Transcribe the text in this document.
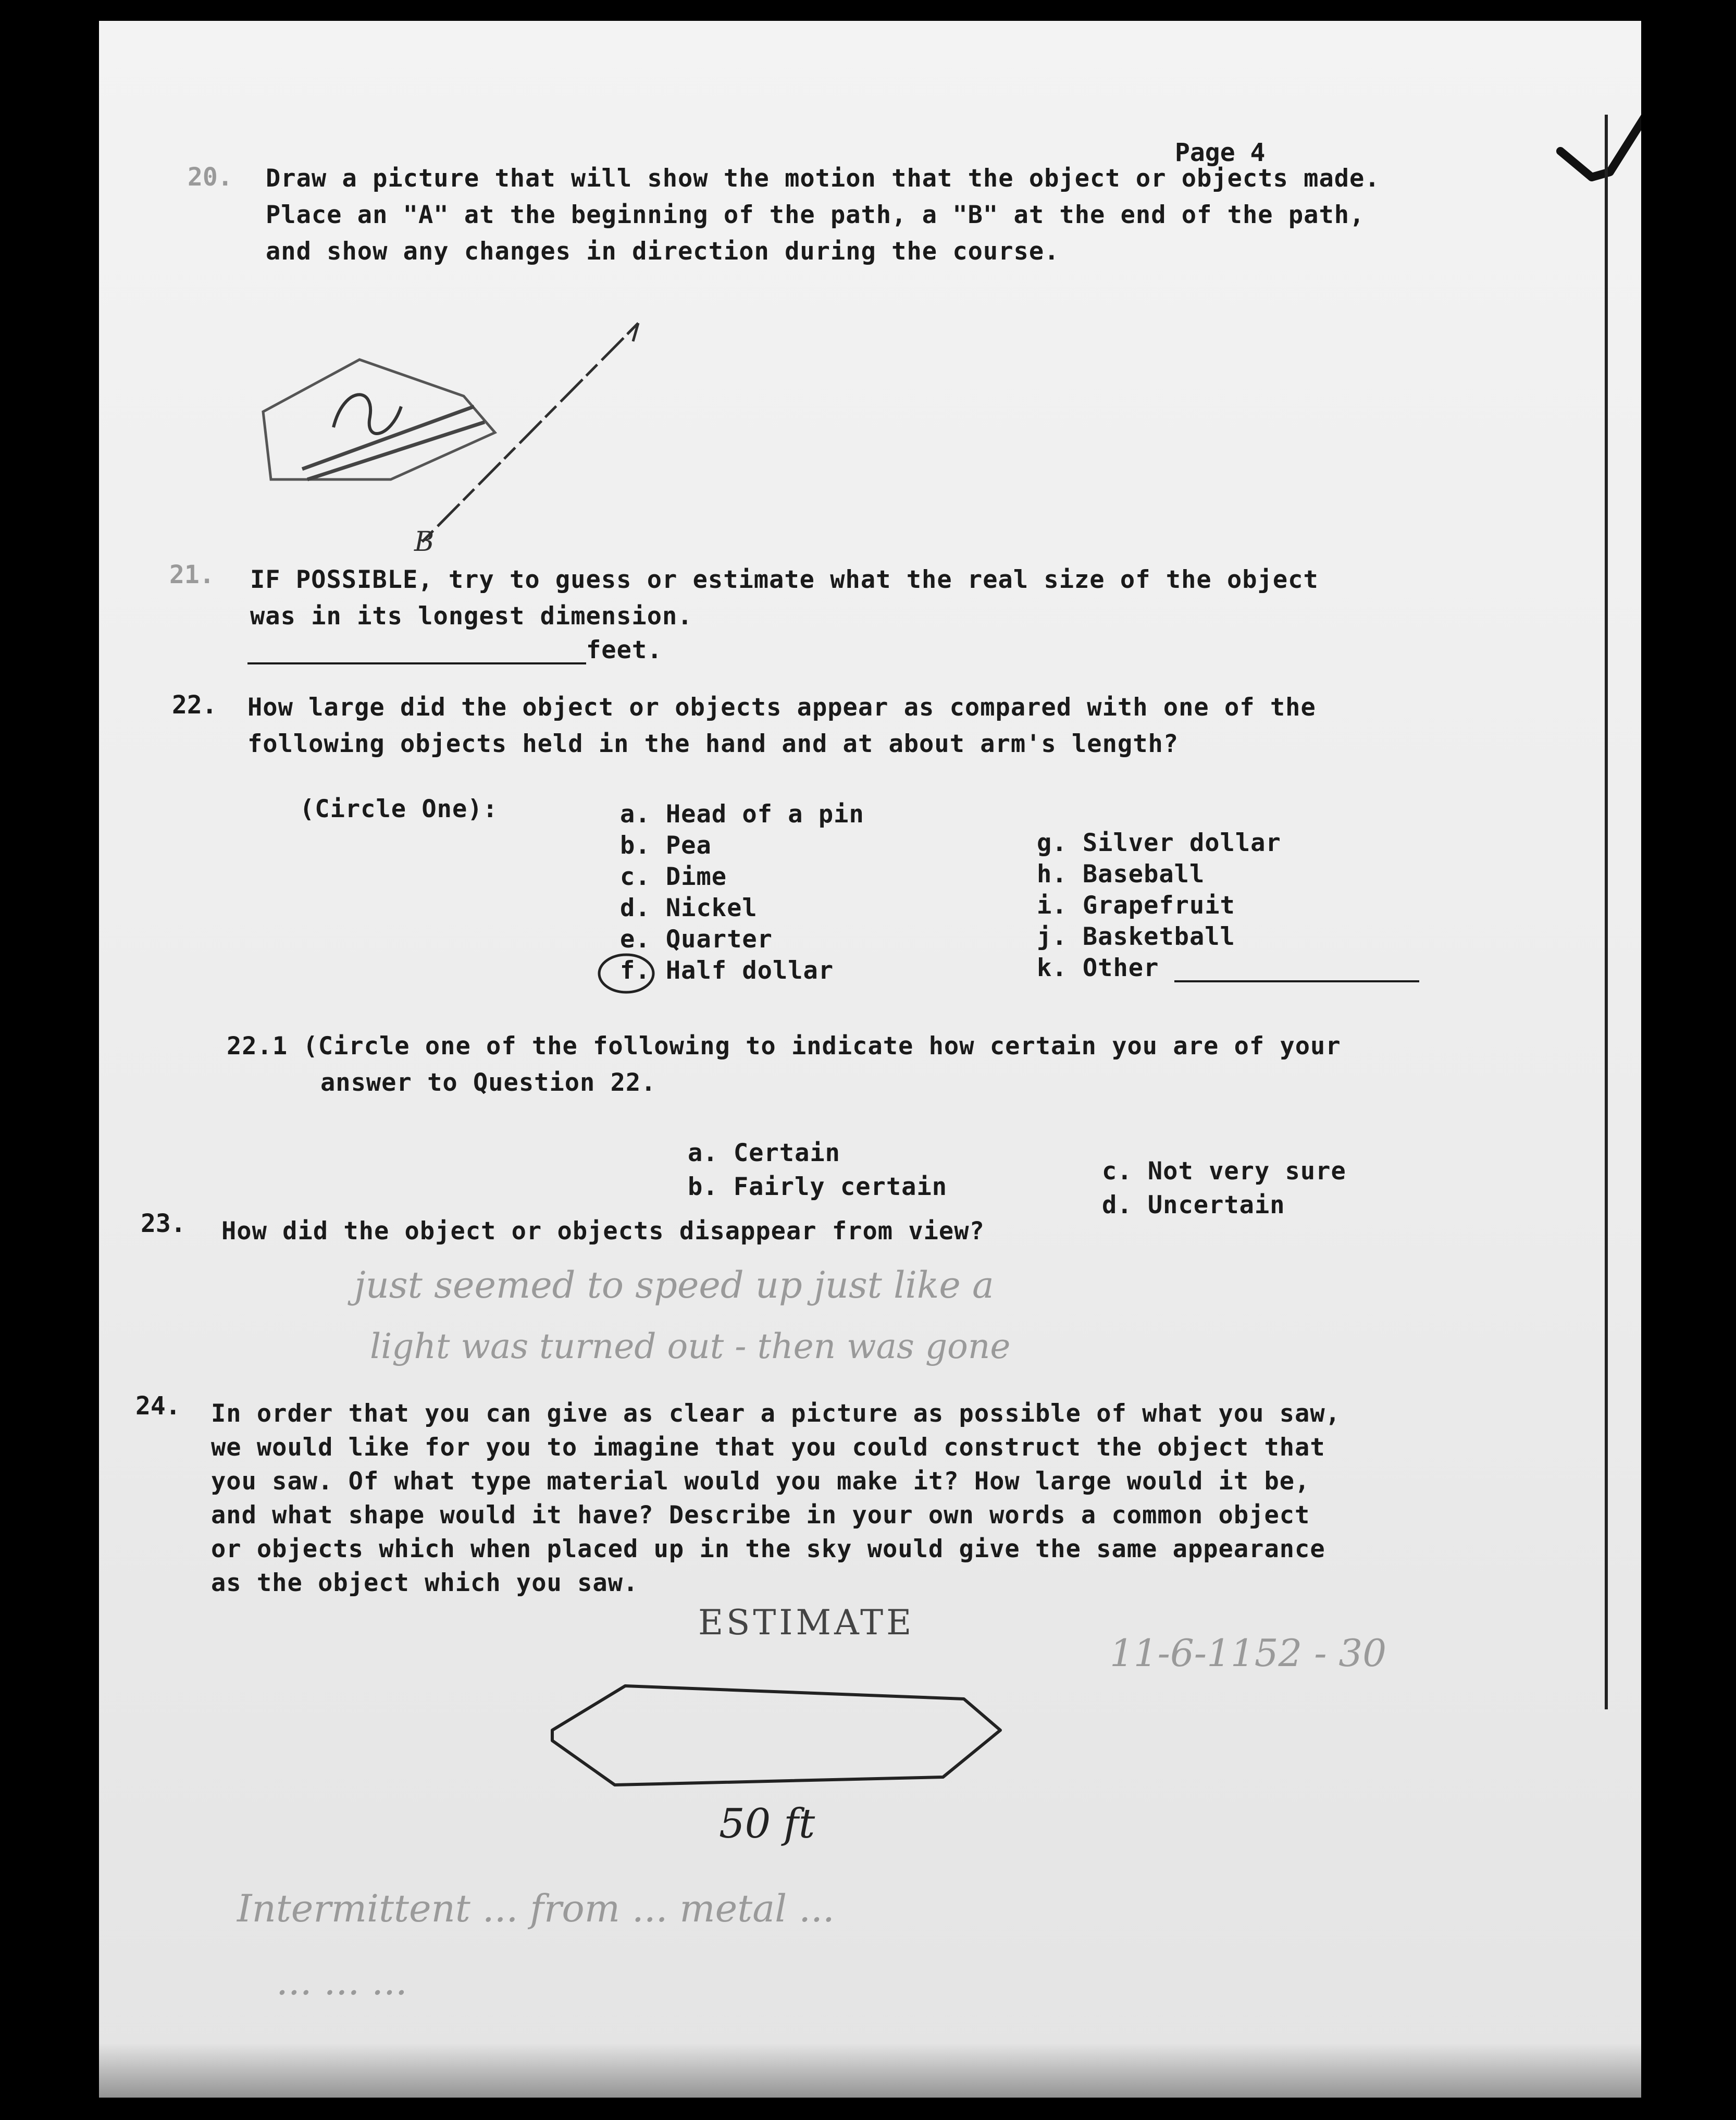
Page 4
20. Draw a picture that will show the motion that the object or objects made.
Place an "A" at the beginning of the path, a "B" at the end of the path,
and show any changes in direction during the course.
B
21. IF POSSIBLE, try to guess or estimate what the real size of the object
was in its longest dimension.
feet.
22. How large did the object or objects appear as compared with one of the
following objects held in the hand and at about arm's length?
(Circle One):	a. Head of a pin
b. Pea
c. Dime
d. Nickel
e. Quarter
f. Half dollar
g. Silver dollar
h. Baseball
i. Grapefruit
j. Basketball
k. Other
22.1 (Circle one of the following to indicate how certain you are of your
answer to Question 22.
a. Certain
b. Fairly certain
c. Not very sure
d. Uncertain
23. How did the object or objects disappear from view?
just seemed to speed up just like a
light was turned out - then was gone
24. In order that you can give as clear a picture as possible of what you saw,
we would like for you to imagine that you could construct the object that
you saw. Of what type material would you make it? How large would it be,
and what shape would it have? Describe in your own words a common object
or objects which when placed up in the sky would give the same appearance
as the object which you saw.
ESTIMATE
11-6-1152 - 30
50 ft
Intermittent ... from ... metal ...
... ... ...
